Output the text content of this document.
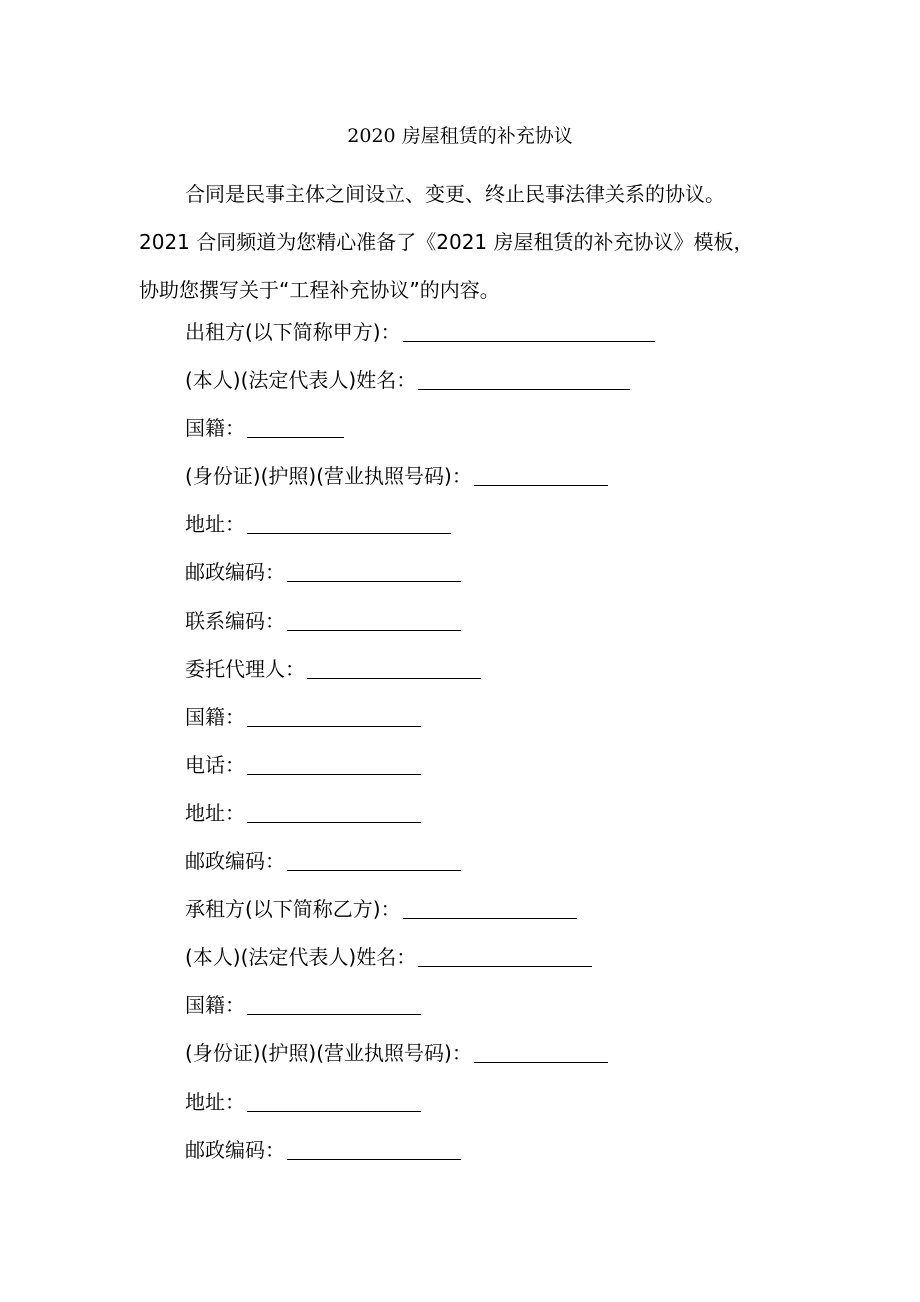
2020 房屋租赁的补充协议

合同是民事主体之间设立、变更、终止民事法律关系的协议。

2021 合同频道为您精心准备了《2021 房屋租赁的补充协议》模板，

协助您撰写关于“工程补充协议”的内容。

出租方(以下简称甲方)：
(本人)(法定代表人)姓名：
国籍：
(身份证)(护照)(营业执照号码)：
地址：
邮政编码：
联系编码：
委托代理人：
国籍：
电话：
地址：
邮政编码：
承租方(以下简称乙方)：
(本人)(法定代表人)姓名：
国籍：
(身份证)(护照)(营业执照号码)：
地址：
邮政编码：
